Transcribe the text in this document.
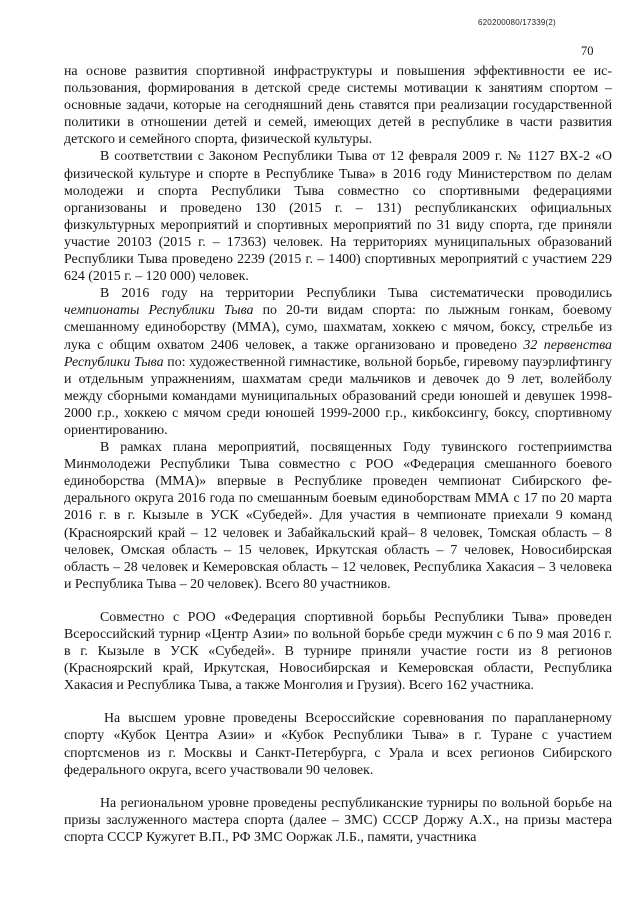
620200080/17339(2)
70

на основе развития спортивной инфраструктуры и повышения эффективности ее использования, формирования в детской среде системы мотивации к занятиям спортом – основные задачи, которые на сегодняшний день ставятся при реализации государственной политики в отношении детей и семей, имеющих детей в республике в части развития детского и семейного спорта, физической культуры.

В соответствии с Законом Республики Тыва от 12 февраля 2009 г. № 1127 ВХ-2 «О физической культуре и спорте в Республике Тыва» в 2016 году Министерством по делам молодежи и спорта Республики Тыва совместно со спортивными федерациями организованы и проведено 130 (2015 г. – 131) республиканских официальных физкультурных мероприятий и спортивных мероприятий по 31 виду спорта, где приняли участие 20103 (2015 г. – 17363) человек. На территориях муниципальных образований Республики Тыва проведено 2239 (2015 г. – 1400) спортивных мероприятий с участием 229 624 (2015 г. – 120 000) человек.

В 2016 году на территории Республики Тыва систематически проводились чемпионаты Республики Тыва по 20-ти видам спорта: по лыжным гонкам, боевому смешанному единоборству (ММА), сумо, шахматам, хоккею с мячом, боксу, стрельбе из лука с общим охватом 2406 человек, а также организовано и проведено 32 первенства Республики Тыва по: художественной гимнастике, вольной борьбе, гиревому пауэрлифтингу и отдельным упражнениям, шахматам среди мальчиков и девочек до 9 лет, волейболу между сборными командами муниципальных образований среди юношей и девушек 1998-2000 г.р., хоккею с мячом среди юношей 1999-2000 г.р., кикбоксингу, боксу, спортивному ориентированию.

В рамках плана мероприятий, посвященных Году тувинского гостеприимства Минмолодежи Республики Тыва совместно с РОО «Федерация смешанного боевого единоборства (ММА)» впервые в Республике проведен чемпионат Сибирского федерального округа 2016 года по смешанным боевым единоборствам ММА с 17 по 20 марта 2016 г. в г. Кызыле в УСК «Субедей». Для участия в чемпионате приехали 9 команд (Красноярский край – 12 человек и Забайкальский край– 8 человек, Томская область – 8 человек, Омская область – 15 человек, Иркутская область – 7 человек, Новосибирская область – 28 человек и Кемеровская область – 12 человек, Республика Хакасия – 3 человека и Республика Тыва – 20 человек). Всего 80 участников.

Совместно с РОО «Федерация спортивной борьбы Республики Тыва» проведен Всероссийский турнир «Центр Азии» по вольной борьбе среди мужчин с 6 по 9 мая 2016 г. в г. Кызыле в УСК «Субедей». В турнире приняли участие гости из 8 регионов (Красноярский край, Иркутская, Новосибирская и Кемеровская области, Республика Хакасия и Республика Тыва, а также Монголия и Грузия). Всего 162 участника.

На высшем уровне проведены Всероссийские соревнования по парапланерному спорту «Кубок Центра Азии» и «Кубок Республики Тыва» в г. Туране с участием спортсменов из г. Москвы и Санкт-Петербурга, с Урала и всех регионов Сибирского федерального округа, всего участвовали 90 человек.

На региональном уровне проведены республиканские турниры по вольной борьбе на призы заслуженного мастера спорта (далее – ЗМС) СССР Доржу А.Х., на призы мастера спорта СССР Кужугет В.П., РФ ЗМС Ооржак Л.Б., памяти, участника
